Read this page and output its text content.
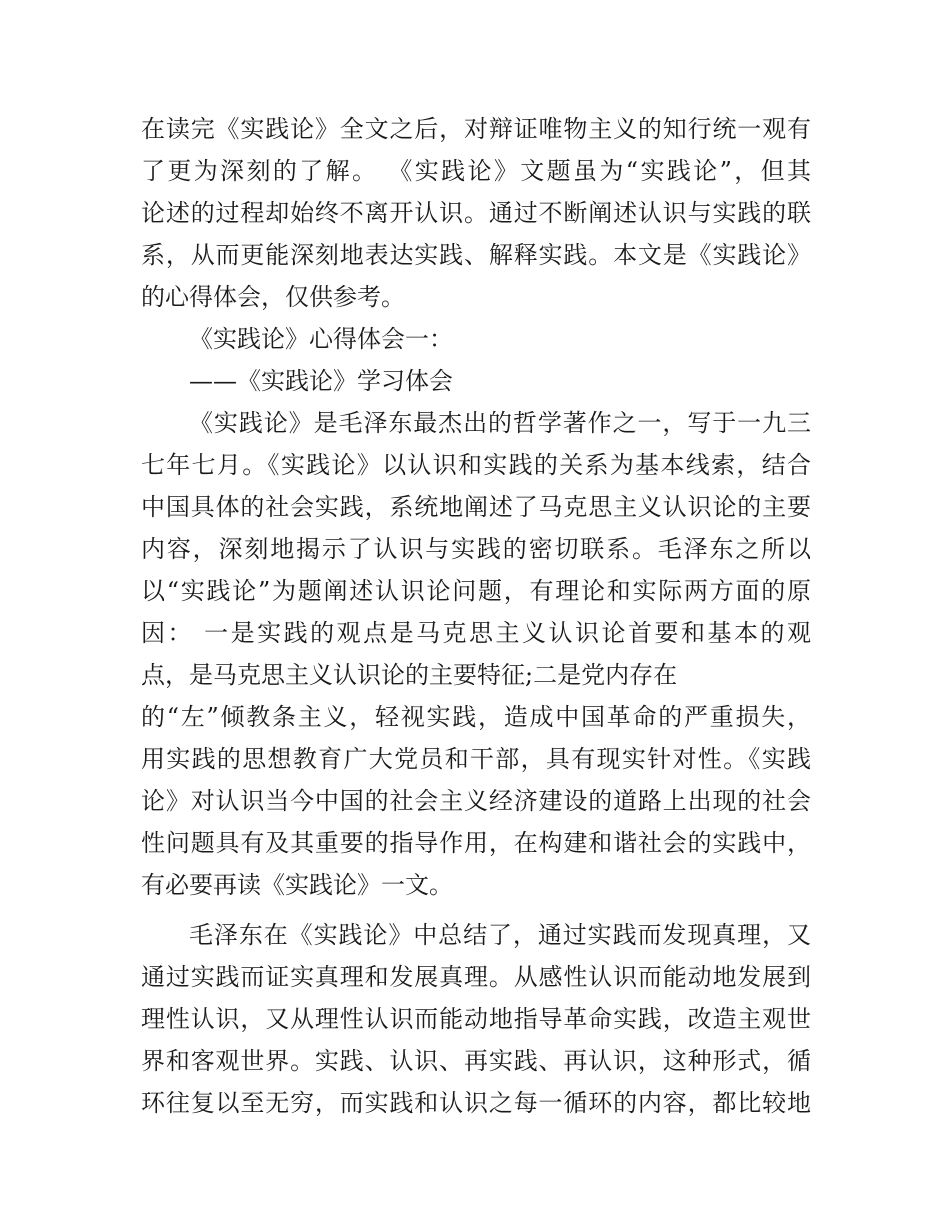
在读完《实践论》全文之后，对辩证唯物主义的知行统一观有
了更为深刻的了解。 《实践论》文题虽为“实践论”，但其
论述的过程却始终不离开认识。通过不断阐述认识与实践的联
系，从而更能深刻地表达实践、解释实践。本文是《实践论》
的心得体会，仅供参考。
《实践论》心得体会一：
——《实践论》学习体会
《实践论》是毛泽东最杰出的哲学著作之一，写于一九三
七年七月。《实践论》以认识和实践的关系为基本线索，结合
中国具体的社会实践，系统地阐述了马克思主义认识论的主要
内容，深刻地揭示了认识与实践的密切联系。毛泽东之所以
以“实践论”为题阐述认识论问题，有理论和实际两方面的原
因： 一是实践的观点是马克思主义认识论首要和基本的观
点，是马克思主义认识论的主要特征;二是党内存在
的“左”倾教条主义，轻视实践，造成中国革命的严重损失，
用实践的思想教育广大党员和干部，具有现实针对性。《实践
论》对认识当今中国的社会主义经济建设的道路上出现的社会
性问题具有及其重要的指导作用，在构建和谐社会的实践中，
有必要再读《实践论》一文。
毛泽东在《实践论》中总结了，通过实践而发现真理，又
通过实践而证实真理和发展真理。从感性认识而能动地发展到
理性认识，又从理性认识而能动地指导革命实践，改造主观世
界和客观世界。实践、认识、再实践、再认识，这种形式，循
环往复以至无穷，而实践和认识之每一循环的内容，都比较地
